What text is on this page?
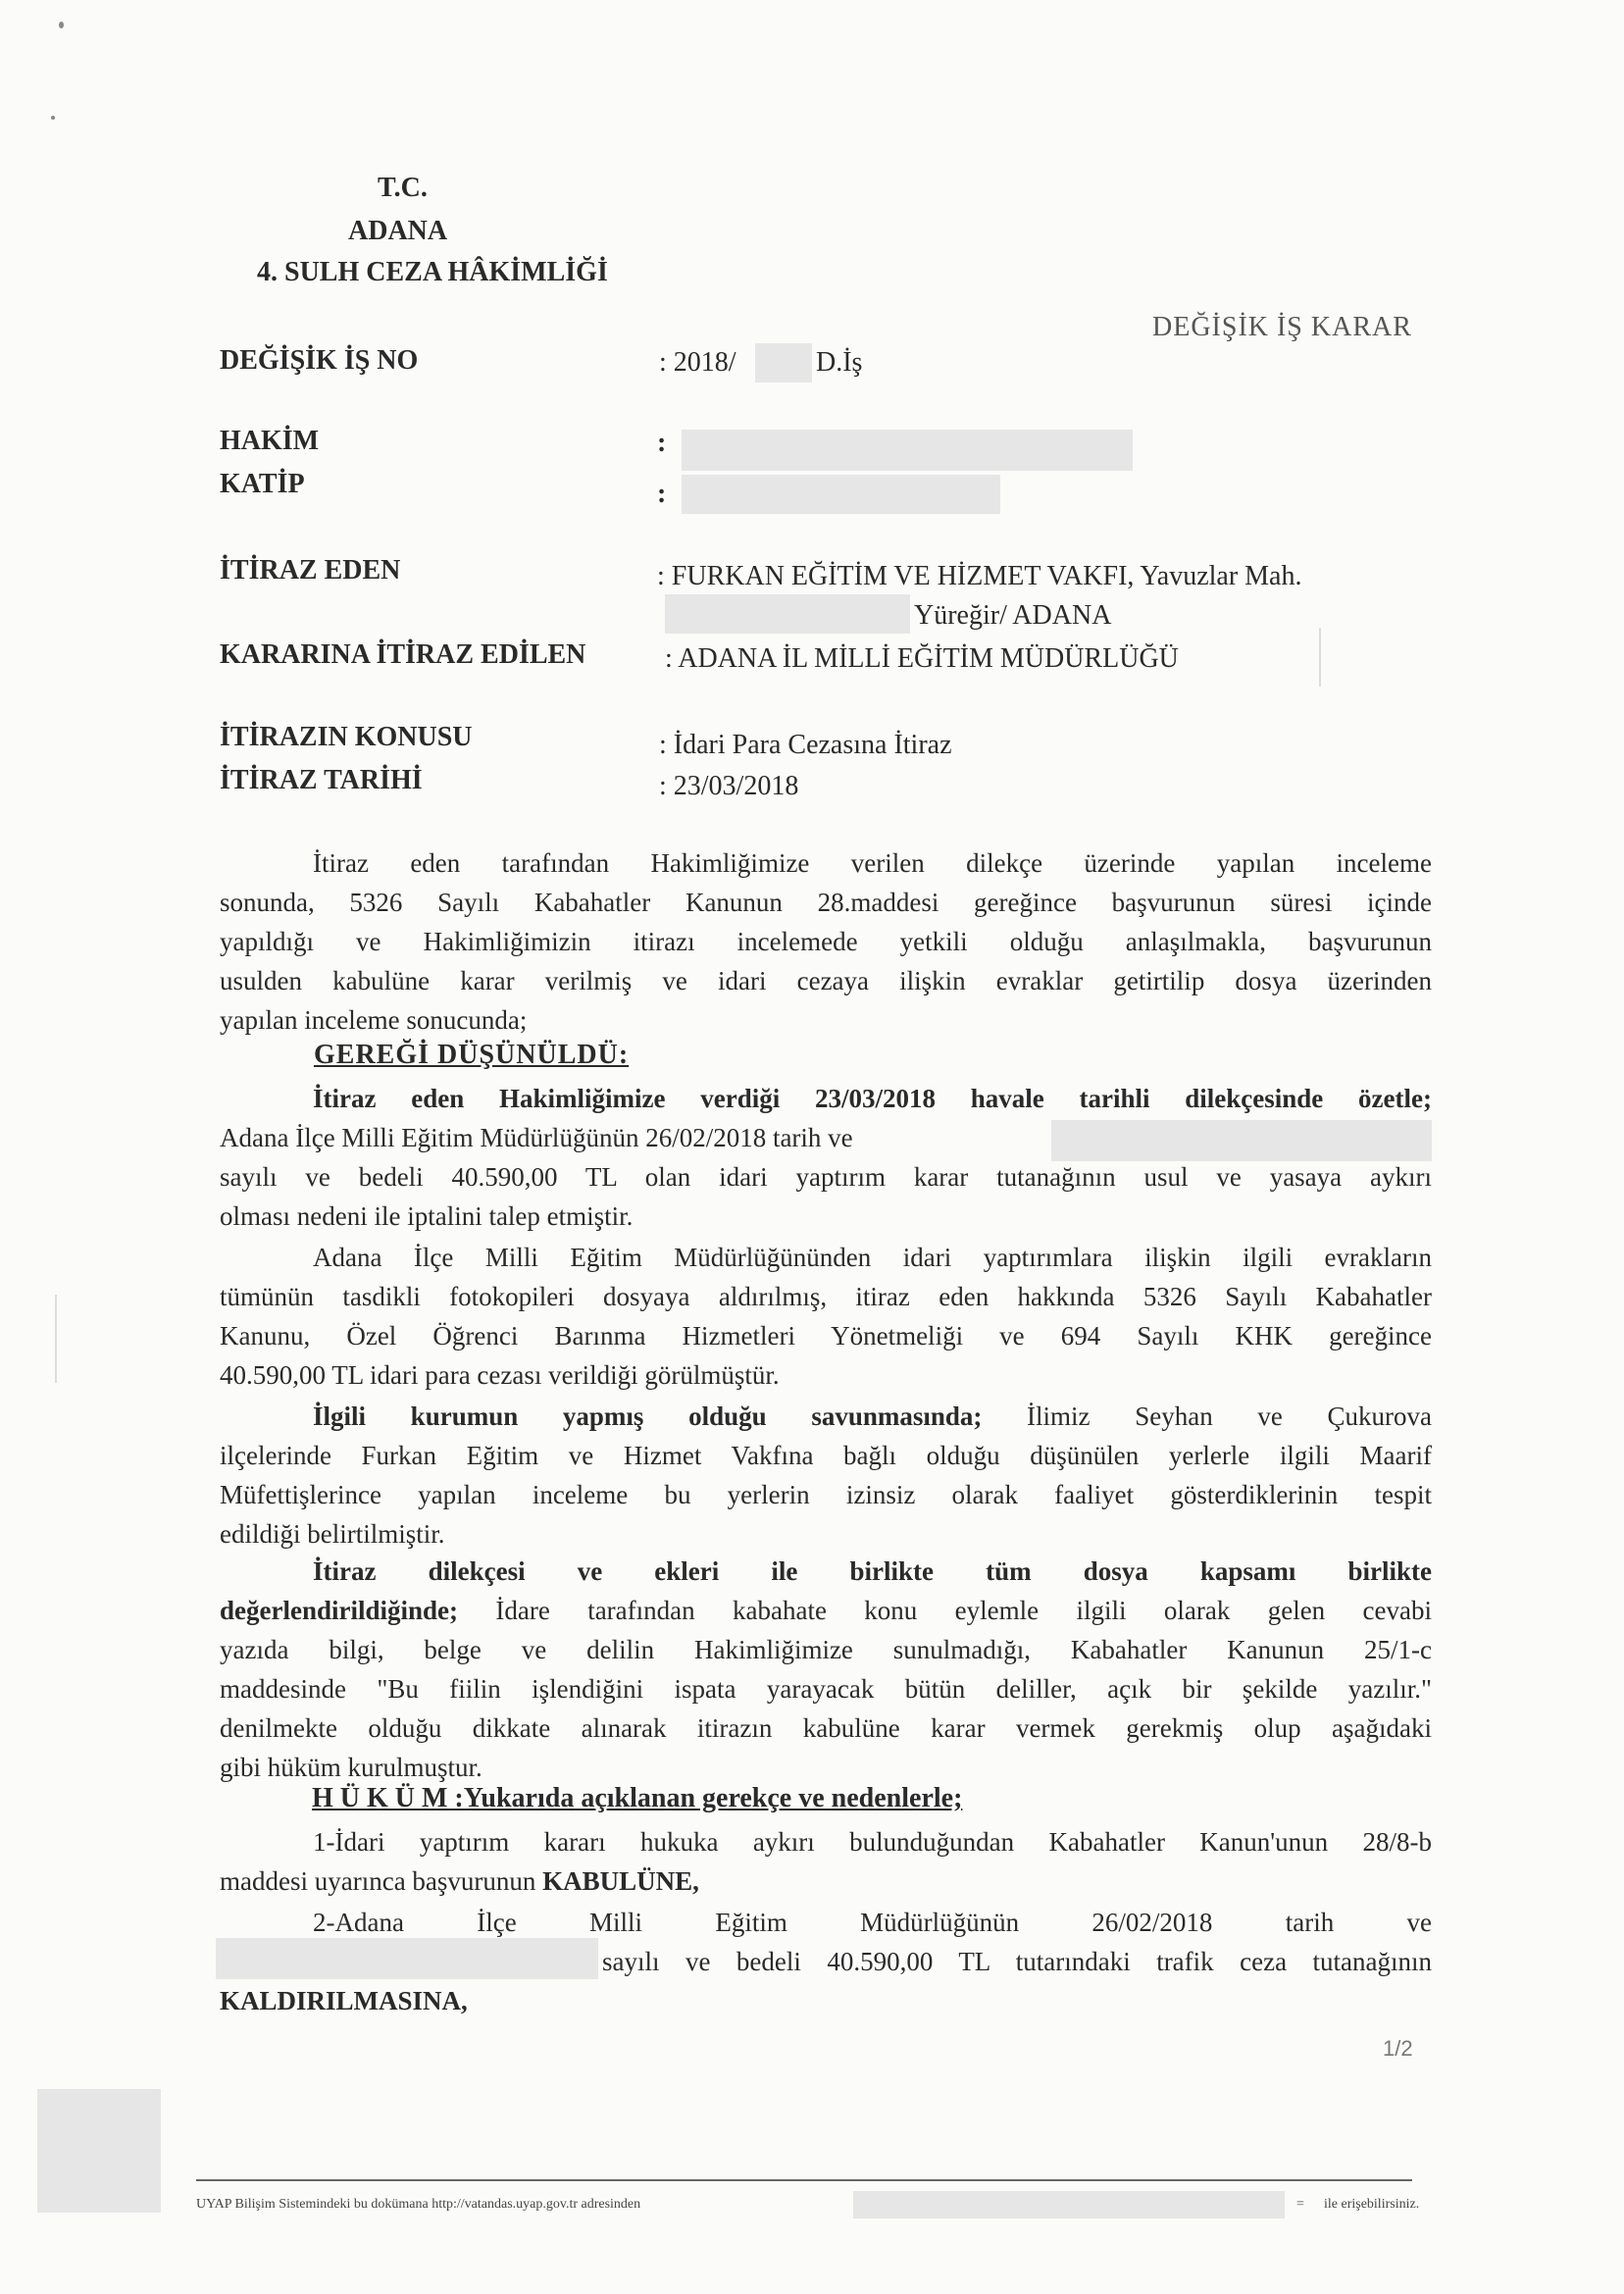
T.C.
ADANA
4. SULH CEZA HÂKİMLİĞİ
DEĞİŞİK İŞ KARAR
DEĞİŞİK İŞ NO	: 2018/	D.İş
HAKİM	:
KATİP	:
İTİRAZ EDEN	: FURKAN EĞİTİM VE HİZMET VAKFI, Yavuzlar Mah.
Yüreğir/ ADANA
KARARINA İTİRAZ EDİLEN	: ADANA İL MİLLİ EĞİTİM MÜDÜRLÜĞÜ
İTİRAZIN KONUSU	: İdari Para Cezasına İtiraz
İTİRAZ TARİHİ	: 23/03/2018
İtiraz eden tarafından Hakimliğimize verilen dilekçe üzerinde yapılan inceleme
sonunda, 5326 Sayılı Kabahatler Kanunun 28.maddesi gereğince başvurunun süresi içinde
yapıldığı ve Hakimliğimizin itirazı incelemede yetkili olduğu anlaşılmakla, başvurunun
usulden kabulüne karar verilmiş ve idari cezaya ilişkin evraklar getirtilip dosya üzerinden
yapılan inceleme sonucunda;
GEREĞİ DÜŞÜNÜLDÜ:
İtiraz eden Hakimliğimize verdiği 23/03/2018 havale tarihli dilekçesinde özetle;
Adana İlçe Milli Eğitim Müdürlüğünün 26/02/2018 tarih ve
sayılı ve bedeli 40.590,00 TL olan idari yaptırım karar tutanağının usul ve yasaya aykırı
olması nedeni ile iptalini talep etmiştir.
Adana İlçe Milli Eğitim Müdürlüğününden idari yaptırımlara ilişkin ilgili evrakların
tümünün tasdikli fotokopileri dosyaya aldırılmış, itiraz eden hakkında 5326 Sayılı Kabahatler
Kanunu, Özel Öğrenci Barınma Hizmetleri Yönetmeliği ve 694 Sayılı KHK gereğince
40.590,00 TL idari para cezası verildiği görülmüştür.
İlgili kurumun yapmış olduğu savunmasında; İlimiz Seyhan ve Çukurova
ilçelerinde Furkan Eğitim ve Hizmet Vakfına bağlı olduğu düşünülen yerlerle ilgili Maarif
Müfettişlerince yapılan inceleme bu yerlerin izinsiz olarak faaliyet gösterdiklerinin tespit
edildiği belirtilmiştir.
İtiraz dilekçesi ve ekleri ile birlikte tüm dosya kapsamı birlikte
değerlendirildiğinde; İdare tarafından kabahate konu eylemle ilgili olarak gelen cevabi
yazıda bilgi, belge ve delilin Hakimliğimize sunulmadığı, Kabahatler Kanunun 25/1-c
maddesinde "Bu fiilin işlendiğini ispata yarayacak bütün deliller, açık bir şekilde yazılır."
denilmekte olduğu dikkate alınarak itirazın kabulüne karar vermek gerekmiş olup aşağıdaki
gibi hüküm kurulmuştur.
H Ü K Ü M :Yukarıda açıklanan gerekçe ve nedenlerle;
1-İdari yaptırım kararı hukuka aykırı bulunduğundan Kabahatler Kanun'unun 28/8-b
maddesi uyarınca başvurunun KABULÜNE,
2-Adana İlçe Milli Eğitim Müdürlüğünün 26/02/2018 tarih ve
sayılı ve bedeli 40.590,00 TL tutarındaki trafik ceza tutanağının
KALDIRILMASINA,
1/2
UYAP Bilişim Sistemindeki bu dokümana http://vatandas.uyap.gov.tr adresinden	= ile erişebilirsiniz.
